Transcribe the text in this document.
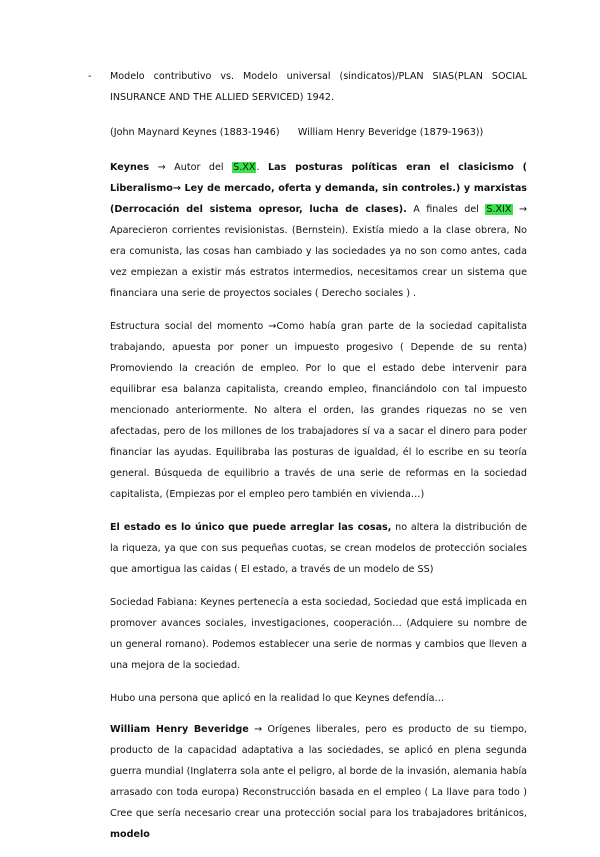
- Modelo contributivo vs. Modelo universal (sindicatos)/PLAN SIAS(PLAN SOCIAL INSURANCE AND THE ALLIED SERVICED) 1942.
(John Maynard Keynes (1883-1946) William Henry Beveridge (1879-1963))

Keynes → Autor del S.XX. Las posturas políticas eran el clasicismo ( Liberalismo→ Ley de mercado, oferta y demanda, sin controles.) y marxistas (Derrocación del sistema opresor, lucha de clases). A finales del S.XIX → Aparecieron corrientes revisionistas. (Bernstein). Existía miedo a la clase obrera, No era comunista, las cosas han cambiado y las sociedades ya no son como antes, cada vez empiezan a existir más estratos intermedios, necesitamos crear un sistema que financiara una serie de proyectos sociales ( Derecho sociales ) .

Estructura social del momento →Como había gran parte de la sociedad capitalista trabajando, apuesta por poner un impuesto progesivo ( Depende de su renta) Promoviendo la creación de empleo. Por lo que el estado debe intervenir para equilibrar esa balanza capitalista, creando empleo, financiándolo con tal impuesto mencionado anteriormente. No altera el orden, las grandes riquezas no se ven afectadas, pero de los millones de los trabajadores sí va a sacar el dinero para poder financiar las ayudas. Equilibraba las posturas de igualdad, él lo escribe en su teoría general. Búsqueda de equilibrio a través de una serie de reformas en la sociedad capitalista, (Empiezas por el empleo pero también en vivienda…)

El estado es lo único que puede arreglar las cosas, no altera la distribución de la riqueza, ya que con sus pequeñas cuotas, se crean modelos de protección sociales que amortigua las caidas ( El estado, a través de un modelo de SS)

Sociedad Fabiana: Keynes pertenecía a esta sociedad, Sociedad que está implicada en promover avances sociales, investigaciones, cooperación… (Adquiere su nombre de un general romano). Podemos establecer una serie de normas y cambios que lleven a una mejora de la sociedad.

Hubo una persona que aplicó en la realidad lo que Keynes defendía…

William Henry Beveridge → Orígenes liberales, pero es producto de su tiempo, producto de la capacidad adaptativa a las sociedades, se aplicó en plena segunda guerra mundial (Inglaterra sola ante el peligro, al borde de la invasión, alemania había arrasado con toda europa) Reconstrucción basada en el empleo ( La llave para todo ) Cree que sería necesario crear una protección social para los trabajadores británicos, modelo
